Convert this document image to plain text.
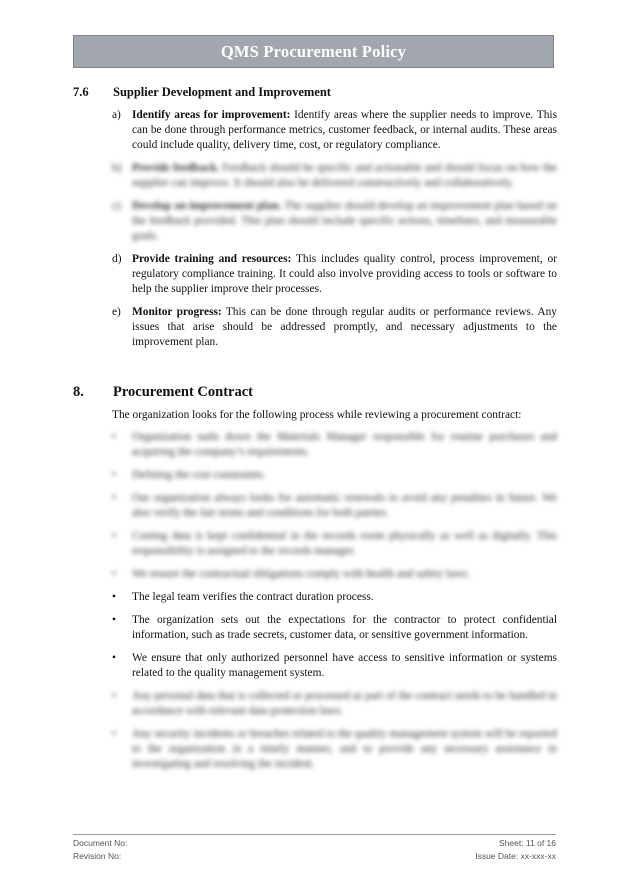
QMS Procurement Policy
7.6 Supplier Development and Improvement
a) Identify areas for improvement: Identify areas where the supplier needs to improve. This can be done through performance metrics, customer feedback, or internal audits. These areas could include quality, delivery time, cost, or regulatory compliance.
b) Provide feedback. Feedback should be specific and actionable and should focus on how the supplier can improve. It should also be delivered constructively and collaboratively.
c) Develop an improvement plan. The supplier should develop an improvement plan based on the feedback provided. This plan should include specific actions, timelines, and measurable goals.
d) Provide training and resources: This includes quality control, process improvement, or regulatory compliance training. It could also involve providing access to tools or software to help the supplier improve their processes.
e) Monitor progress: This can be done through regular audits or performance reviews. Any issues that arise should be addressed promptly, and necessary adjustments to the improvement plan.
8. Procurement Contract
The organization looks for the following process while reviewing a procurement contract:
• Organization nails down the Materials Manager responsible for routine purchases and acquiring the company’s requirements.
• Defining the cost constraints.
• Our organization always looks for automatic renewals to avoid any penalties in future. We also verify the fair terms and conditions for both parties.
• Costing data is kept confidential in the records room physically as well as digitally. This responsibility is assigned to the records manager.
• We ensure the contractual obligations comply with health and safety laws.
• The legal team verifies the contract duration process.
• The organization sets out the expectations for the contractor to protect confidential information, such as trade secrets, customer data, or sensitive government information.
• We ensure that only authorized personnel have access to sensitive information or systems related to the quality management system.
• Any personal data that is collected or processed as part of the contract needs to be handled in accordance with relevant data protection laws.
• Any security incidents or breaches related to the quality management system will be reported to the organization in a timely manner, and to provide any necessary assistance in investigating and resolving the incident.
Document No:
Revision No:
Sheet: 11 of 16
Issue Date: xx-xxx-xx
